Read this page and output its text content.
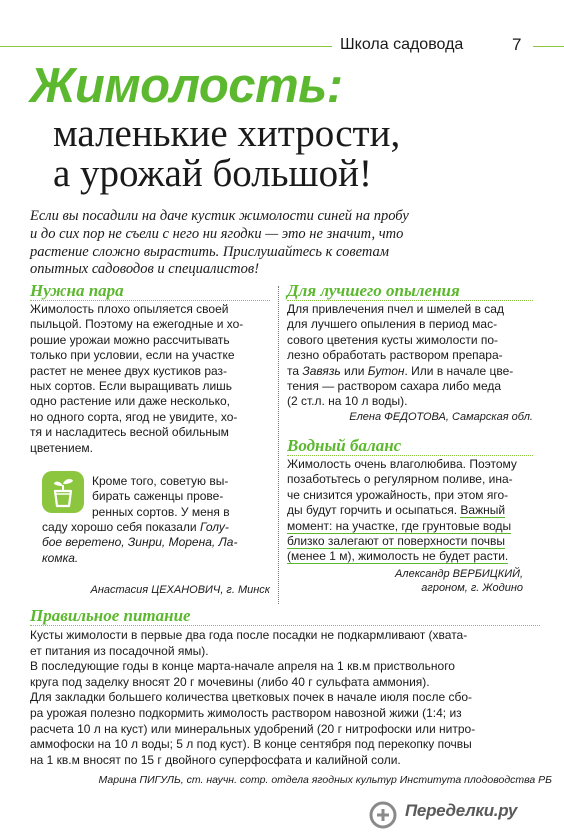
Школа садовода	7
Жимолость:
маленькие хитрости,
а урожай большой!
Если вы посадили на даче кустик жимолости синей на пробу
и до сих пор не съели с него ни ягодки — это не значит, что
растение сложно вырастить. Прислушайтесь к советам
опытных садоводов и специалистов!
Нужна пара
Жимолость плохо опыляется своей
пыльцой. Поэтому на ежегодные и хо-
рошие урожаи можно рассчитывать
только при условии, если на участке
растет не менее двух кустиков раз-
ных сортов. Если выращивать лишь
одно растение или даже несколько,
но одного сорта, ягод не увидите, хо-
тя и насладитесь весной обильным
цветением.
Кроме того, советую вы-
бирать саженцы прове-
ренных сортов. У меня в
саду хорошо себя показали Голу-
бое веретено, Зинри, Морена, Ла-
комка.
Анастасия ЦЕХАНОВИЧ, г. Минск
Для лучшего опыления
Для привлечения пчел и шмелей в сад
для лучшего опыления в период мас-
сового цветения кусты жимолости по-
лезно обработать раствором препара-
та Завязь или Бутон. Или в начале цве-
тения — раствором сахара либо меда
(2 ст.л. на 10 л воды).
Елена ФЕДОТОВА, Самарская обл.
Водный баланс
Жимолость очень влаголюбива. Поэтому
позаботьтесь о регулярном поливе, ина-
че снизится урожайность, при этом яго-
ды будут горчить и осыпаться. Важный
момент: на участке, где грунтовые воды
близко залегают от поверхности почвы
(менее 1 м), жимолость не будет расти.
Александр ВЕРБИЦКИЙ,
агроном, г. Жодино
Правильное питание
Кусты жимолости в первые два года после посадки не подкармливают (хвата-
ет питания из посадочной ямы).
В последующие годы в конце марта-начале апреля на 1 кв.м приствольного
круга под заделку вносят 20 г мочевины (либо 40 г сульфата аммония).
Для закладки большего количества цветковых почек в начале июля после сбо-
ра урожая полезно подкормить жимолость раствором навозной жижи (1:4; из
расчета 10 л на куст) или минеральных удобрений (20 г нитрофоски или нитро-
аммофоски на 10 л воды; 5 л под куст). В конце сентября под перекопку почвы
на 1 кв.м вносят по 15 г двойного суперфосфата и калийной соли.
Марина ПИГУЛЬ, ст. научн. сотр. отдела ягодных культур Института плодоводства РБ
Переделки.ру
